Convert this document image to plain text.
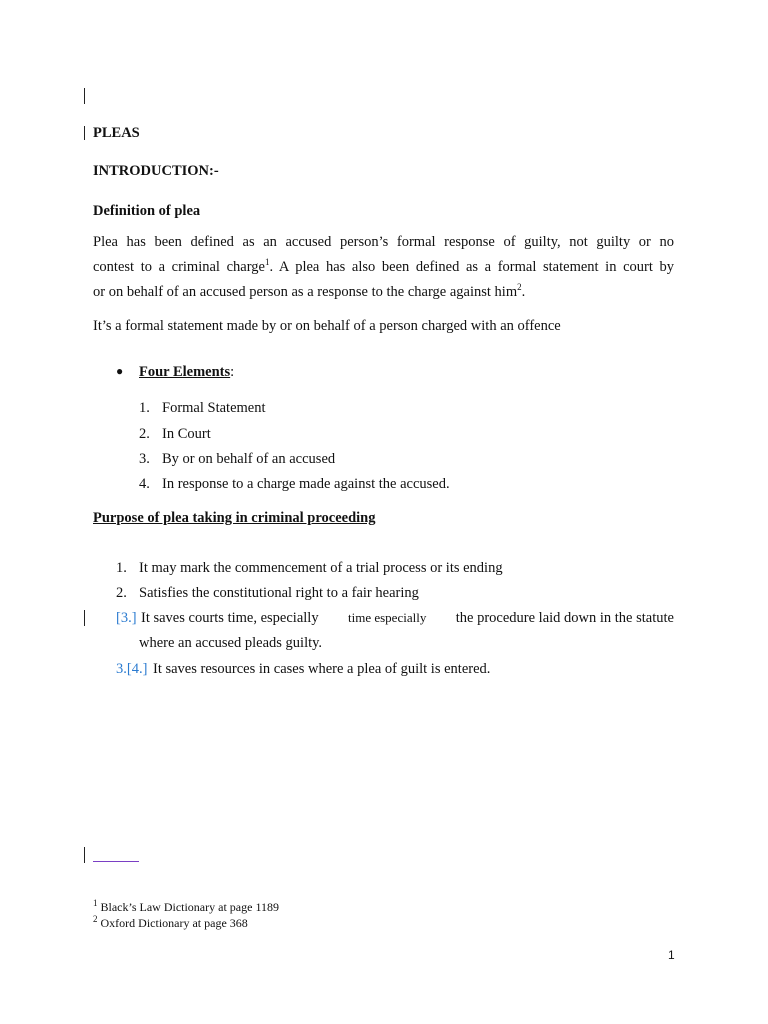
PLEAS
INTRODUCTION:-
Definition of plea
Plea has been defined as an accused person’s formal response of guilty, not guilty or no
contest to a criminal charge$^1$. A plea has also been defined as a formal statement in court by
or on behalf of an accused person as a response to the charge against him$^2$.
It’s a formal statement made by or on behalf of a person charged with an offence
● Four Elements:
1. Formal Statement
2. In Court
3. By or on behalf of an accused
4. In response to a charge made against the accused.
Purpose of plea taking in criminal proceeding
1. It may mark the commencement of a trial process or its ending
2. Satisfies the constitutional right to a fair hearing
[3.] It saves courts time, especially time especially the procedure laid down in the statute
where an accused pleads guilty.
3.[4.] It saves resources in cases where a plea of guilt is entered.
$^1$ Black’s Law Dictionary at page 1189
$^2$ Oxford Dictionary at page 368
1
